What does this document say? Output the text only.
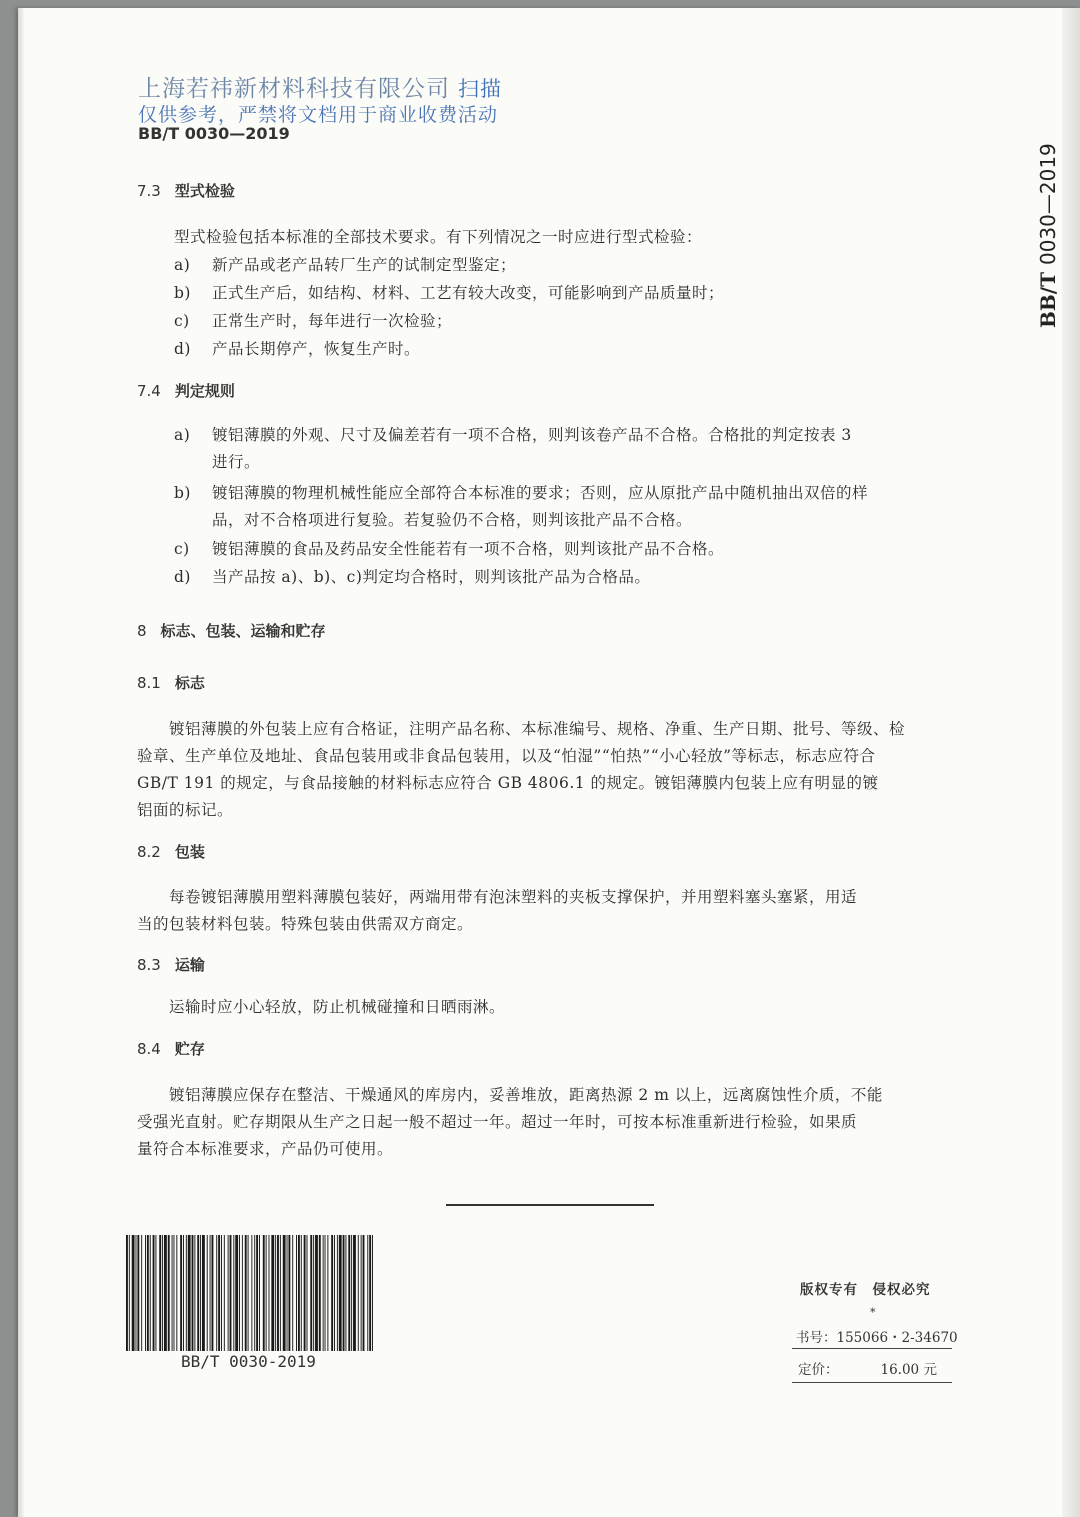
上海若祎新材料科技有限公司 扫描
仅供参考，严禁将文档用于商业收费活动
BB/T 0030—2019
BB/T 0030—2019
7.3 型式检验
型式检验包括本标准的全部技术要求。有下列情况之一时应进行型式检验：
a) 新产品或老产品转厂生产的试制定型鉴定；
b) 正式生产后，如结构、材料、工艺有较大改变，可能影响到产品质量时；
c) 正常生产时，每年进行一次检验；
d) 产品长期停产，恢复生产时。
7.4 判定规则
a) 镀铝薄膜的外观、尺寸及偏差若有一项不合格，则判该卷产品不合格。合格批的判定按表 3
进行。
b) 镀铝薄膜的物理机械性能应全部符合本标准的要求；否则，应从原批产品中随机抽出双倍的样
品，对不合格项进行复验。若复验仍不合格，则判该批产品不合格。
c) 镀铝薄膜的食品及药品安全性能若有一项不合格，则判该批产品不合格。
d) 当产品按 a)、b)、c)判定均合格时，则判该批产品为合格品。
8 标志、包装、运输和贮存
8.1 标志
　　镀铝薄膜的外包装上应有合格证，注明产品名称、本标准编号、规格、净重、生产日期、批号、等级、检
验章、生产单位及地址、食品包装用或非食品包装用，以及“怕湿”“怕热”“小心轻放”等标志，标志应符合
GB/T 191 的规定，与食品接触的材料标志应符合 GB 4806.1 的规定。镀铝薄膜内包装上应有明显的镀
铝面的标记。
8.2 包装
　　每卷镀铝薄膜用塑料薄膜包装好，两端用带有泡沫塑料的夹板支撑保护，并用塑料塞头塞紧，用适
当的包装材料包装。特殊包装由供需双方商定。
8.3 运输
　　运输时应小心轻放，防止机械碰撞和日晒雨淋。
8.4 贮存
　　镀铝薄膜应保存在整洁、干燥通风的库房内，妥善堆放，距离热源 2 m 以上，远离腐蚀性介质，不能
受强光直射。贮存期限从生产之日起一般不超过一年。超过一年时，可按本标准重新进行检验，如果质
量符合本标准要求，产品仍可使用。
BB/T 0030-2019
版权专有　侵权必究
*
书号：155066・2-34670
定价：	16.00 元
